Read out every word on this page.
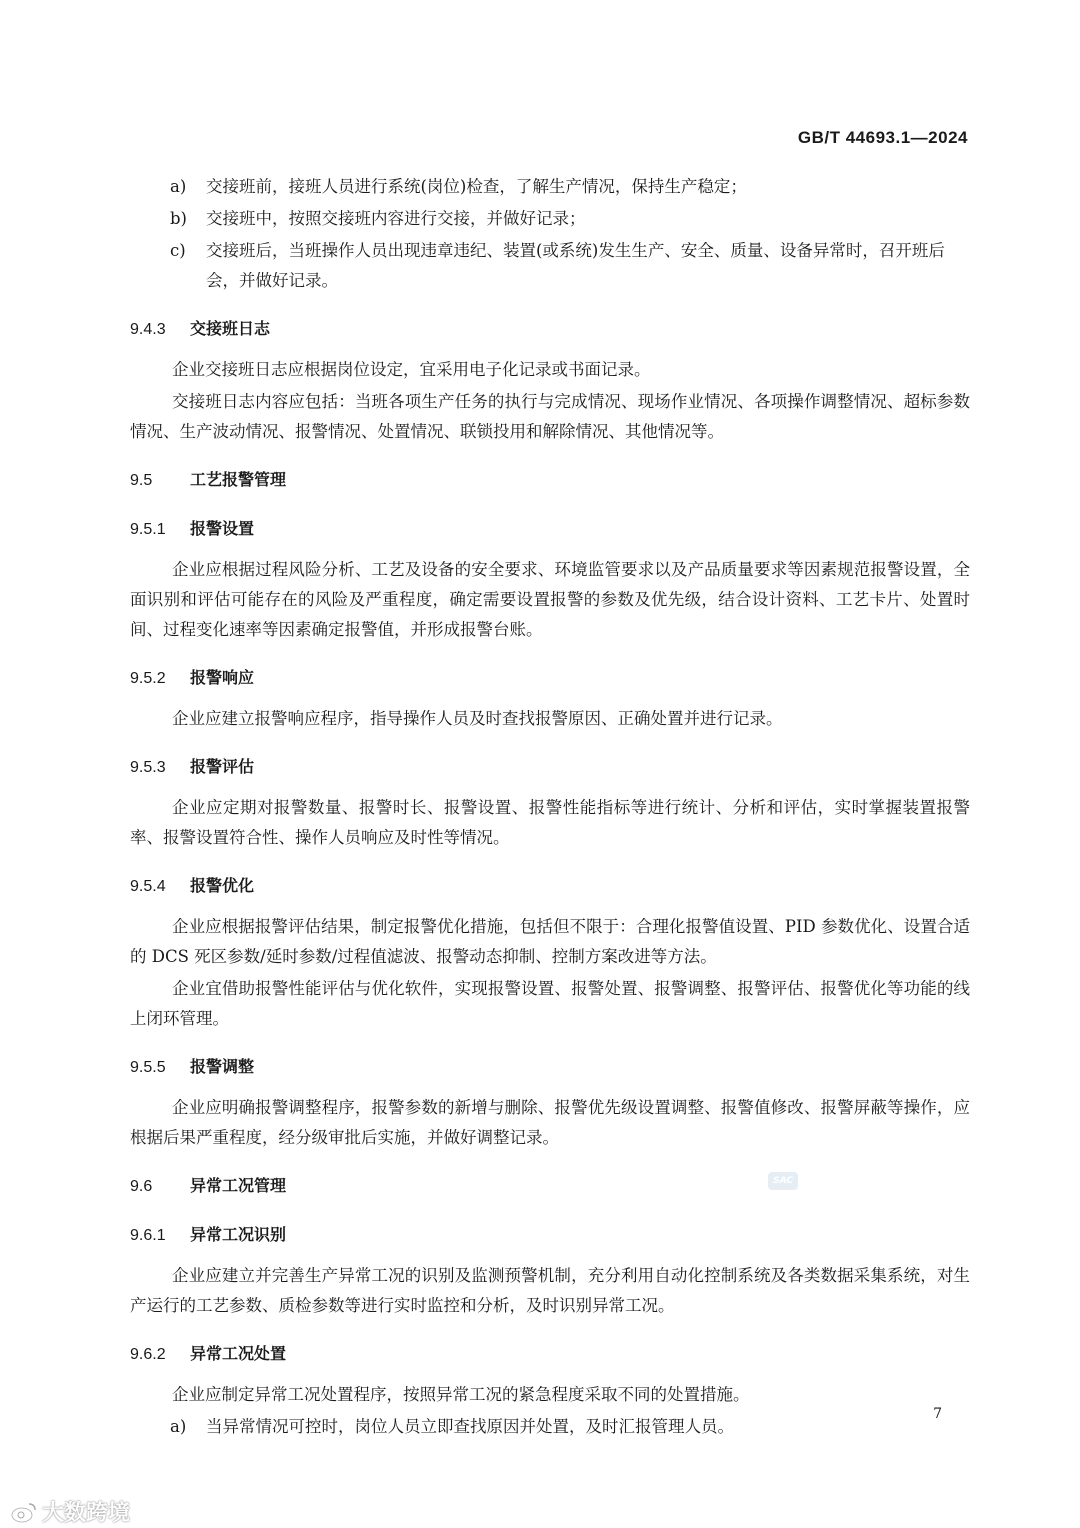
GB/T 44693.1—2024
a) 交接班前，接班人员进行系统(岗位)检查，了解生产情况，保持生产稳定；
b) 交接班中，按照交接班内容进行交接，并做好记录；
c) 交接班后，当班操作人员出现违章违纪、装置(或系统)发生生产、安全、质量、设备异常时，召开班后会，并做好记录。
9.4.3 交接班日志
企业交接班日志应根据岗位设定，宜采用电子化记录或书面记录。
交接班日志内容应包括：当班各项生产任务的执行与完成情况、现场作业情况、各项操作调整情况、超标参数情况、生产波动情况、报警情况、处置情况、联锁投用和解除情况、其他情况等。
9.5 工艺报警管理
9.5.1 报警设置
企业应根据过程风险分析、工艺及设备的安全要求、环境监管要求以及产品质量要求等因素规范报警设置，全面识别和评估可能存在的风险及严重程度，确定需要设置报警的参数及优先级，结合设计资料、工艺卡片、处置时间、过程变化速率等因素确定报警值，并形成报警台账。
9.5.2 报警响应
企业应建立报警响应程序，指导操作人员及时查找报警原因、正确处置并进行记录。
9.5.3 报警评估
企业应定期对报警数量、报警时长、报警设置、报警性能指标等进行统计、分析和评估，实时掌握装置报警率、报警设置符合性、操作人员响应及时性等情况。
9.5.4 报警优化
企业应根据报警评估结果，制定报警优化措施，包括但不限于：合理化报警值设置、PID 参数优化、设置合适的 DCS 死区参数/延时参数/过程值滤波、报警动态抑制、控制方案改进等方法。
企业宜借助报警性能评估与优化软件，实现报警设置、报警处置、报警调整、报警评估、报警优化等功能的线上闭环管理。
9.5.5 报警调整
企业应明确报警调整程序，报警参数的新增与删除、报警优先级设置调整、报警值修改、报警屏蔽等操作，应根据后果严重程度，经分级审批后实施，并做好调整记录。
9.6 异常工况管理
9.6.1 异常工况识别
企业应建立并完善生产异常工况的识别及监测预警机制，充分利用自动化控制系统及各类数据采集系统，对生产运行的工艺参数、质检参数等进行实时监控和分析，及时识别异常工况。
9.6.2 异常工况处置
企业应制定异常工况处置程序，按照异常工况的紧急程度采取不同的处置措施。
a) 当异常情况可控时，岗位人员立即查找原因并处置，及时汇报管理人员。
SAC
7
大数跨境
